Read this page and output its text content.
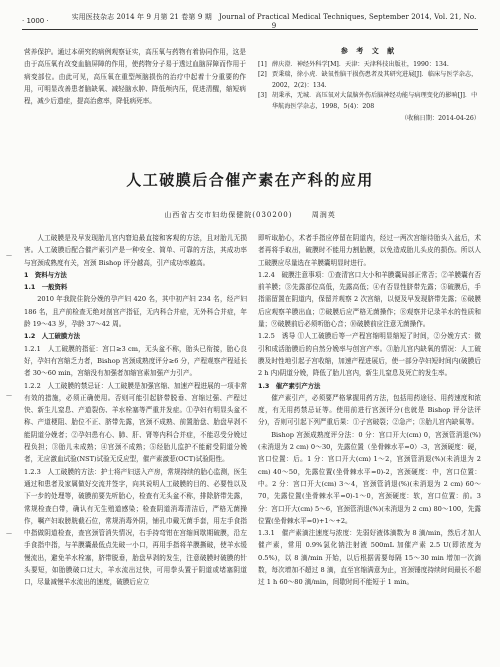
· 1000 ·	实用医技杂志 2014 年 9 月第 21 卷第 9 期　Journal of Practical Medical Techniques, September 2014, Vol. 21, No. 9
营养保护。通过本研究的病例观察证实，高压氧与药物有着协同作用，这是由于高压氧有改变血脑屏障的作用，使药物分子易于透过血脑屏障而作用于病变部位。由此可见，高压氧在重型颅脑损伤的治疗中起着十分重要的作用，可明显改善患者脑缺氧、减轻脑水肿、降低颅内压，促进清醒，缩短病程，减少后遗症，提高治愈率，降低病死率。
参 考 文 献
[1] 薛庆澄．神经外科学[M]．天津：天津科技出版社，1990：134.
[2] 贾秉瑞，徐小虎．缺氧性脑干损伤患者及其研究进展[J]．临床与医学杂志，2002，2(2)：134.
[3] 胡秉承，无城．高压氧对大鼠脑外伤后脑神经功能与病理变化的影响[J]．中华航海医学杂志，1998，5(4)：208
（收稿日期：2014-04-26）
人工破膜后合催产素在产科的应用
山西省古交市妇幼保健院(030200)	周润英

人工破膜是及早发现胎儿宫内窘迫最直接和客观的方法，且对胎儿无损害。人工破膜后配合催产素引产是一种安全、简单、可靠的方法，其成功率与宫颈成熟度有关，宫颈 Bishop 评分越高，引产成功率越高。

1　资料与方法

1.1　一般资料

2010 年我院住院分娩的孕产妇 420 名，其中初产妇 234 名，经产妇 186 名，且产前检查无绝对剖宫产指征，无内科合并症，无外科合并症，年龄 19～43 岁，孕龄 37～42 周。

1.2　人工破膜方法

1.2.1　人工破膜的指征：宫口≥3 cm，无头盆不称，胎头已衔接，胎心良好，孕妇有宫缩乏力者，Bishop 宫颈成熟度评分≥6 分，产程观察产程延长者 30～60 min，宫缩没有加强者加缩宫素加强产力引产。

1.2.2　人工破膜的禁忌证：人工破膜是加强宫缩、加速产程进展的一项非常有效的措施，必须正确使用。否则可能引起脐带脱垂、宫缩过强、产程过快、新生儿窒息、产道裂伤、羊水栓塞等严重并发症。①孕妇有明显头盆不称、产道梗阻、胎位不正、脐带先露，宫颈不成熟、前置胎盘、胎盘早剥不能阴道分娩者；②孕妇患有心、肺、肝、肾等内科合并症，不能忍受分娩过程负担；③胎儿未成熟；④宫颈不成熟；⑤经胎儿监护不能耐受阴道分娩者，无应激血试验(NST)试验无反应型，催产素激惹(OCT)试验阳性。

1.2.3　人工破膜的方法：护士将产妇送入产房，常规持续的胎心监测，医生通过和患者及家属做好交流并签字，向其说明人工破膜的目的、必要性以及下一步的处理等，破膜前要先听胎心，检查有无头盆不称，排除脐带先露，常规检查白带，确认有无生殖道感染；检查阴道消毒清洁后，严格无菌操作，嘱产妇取膀胱截石位，常规消毒外阴，铺孔巾戴无菌手套，用左手食指中指做阴道检查，查宫颈管消失情况，右手持弯钳在宫缩间歇期破膜，沿左手食指中指，与羊膜囊最低点先破一小口，再用手指将羊膜撕破，使羊水缓慢流出，避免羊水栓塞，脐带脱垂，胎盘早剥的发生，注意破膜时破膜的针头要短，如胎膜破口过大，羊水流出过快，可用拳头置于阴道或堵塞阴道口，尽量减慢羊水流出的速度，破膜后应立

即听取胎心，术者手指应停留在阴道内，经过一两次宫缩待胎头入盆后，术者再将手取出，破膜时不能用力割胎膜，以免造成胎儿头皮的损伤。所以人工破膜应尽量选在羊膜囊明显时进行。

1.2.4　破膜注意事项：①查清宫口大小和羊膜囊局部正常否；②羊膜囊有否前羊膜；③先露部位高低，先露高低；④有否显性脐带先露；⑤破膜后，手指需留置在阴道内，保留并观察 2 次宫缩，以便及早发现脐带先露；⑥破膜后应观察羊膜出血；⑦破膜后应严格无菌操作；⑧观察并记录羊水的性质和量；⑨破膜前后必须听胎心音；⑩破膜前应注意无菌操作。

1.2.5　诱导 ①人工破膜后等一产程宫缩明显缩短了时间，②分娩方式：微引和成活胎膜后的自然分娩率与创宫产率。③胎儿宫内缺氧的情况：人工破膜及时性地引起子宫收缩，加速产程进展后，使一部分孕妇短时间内(破膜后 2 h 内)阴道分娩，降低了胎儿宫内，新生儿窒息及死亡的发生率。

1.3　催产素引产方法

催产素引产，必须要严格掌握用药方法，包括用药途径、用药速度和浓度，有无用药禁忌证等。使用前进行宫颈评分(也就是 Bishop 评分法评分)，否则可引起下列严重后果：①子宫破裂；②急产；③胎儿宫内缺氧等。

Bishop 宫颈成熟度评分法：0 分：宫口开大(cm) 0，宫颈管消退(%)(未消退为 2 cm) 0～30，先露位置（坐骨棘水平=0）-3，宫颈硬度：硬，宫口位置：后。1 分：宫口开大(cm) 1～2，宫颈管消退(%)(未消退为 2 cm) 40～50，先露位置(坐骨棘水平=0)-2，宫颈硬度：中，宫口位置：中。2 分：宫口开大(cm) 3～4，宫颈管消退(%)(未消退为 2 cm) 60～70，先露位置(坐骨棘水平=0)-1～0，宫颈硬度：软，宫口位置：前。3 分：宫口开大(cm) 5～6，宫颈管消退(%)(未消退为 2 cm) 80～100，先露位置(坐骨棘水平=0)+1～+2。

1.3.1　催产素滴注速度与浓度：先弱好液体滴数为 8 滴/min，然后才加人催产素，常用 0.9%氯化钠注射液 500mL 加催产素 2.5 U(即浓度为 0.5%)，以 8 滴/min 开始，以后根据需要每隔 15～30 min 增加一次滴数，每次增加不超过 8 滴，直至宫缩满意为止，宫颈锤度持续时间最长不超过 1 h 60～80 滴/min，间歇时间不能短于 1 min。

—
—
—
